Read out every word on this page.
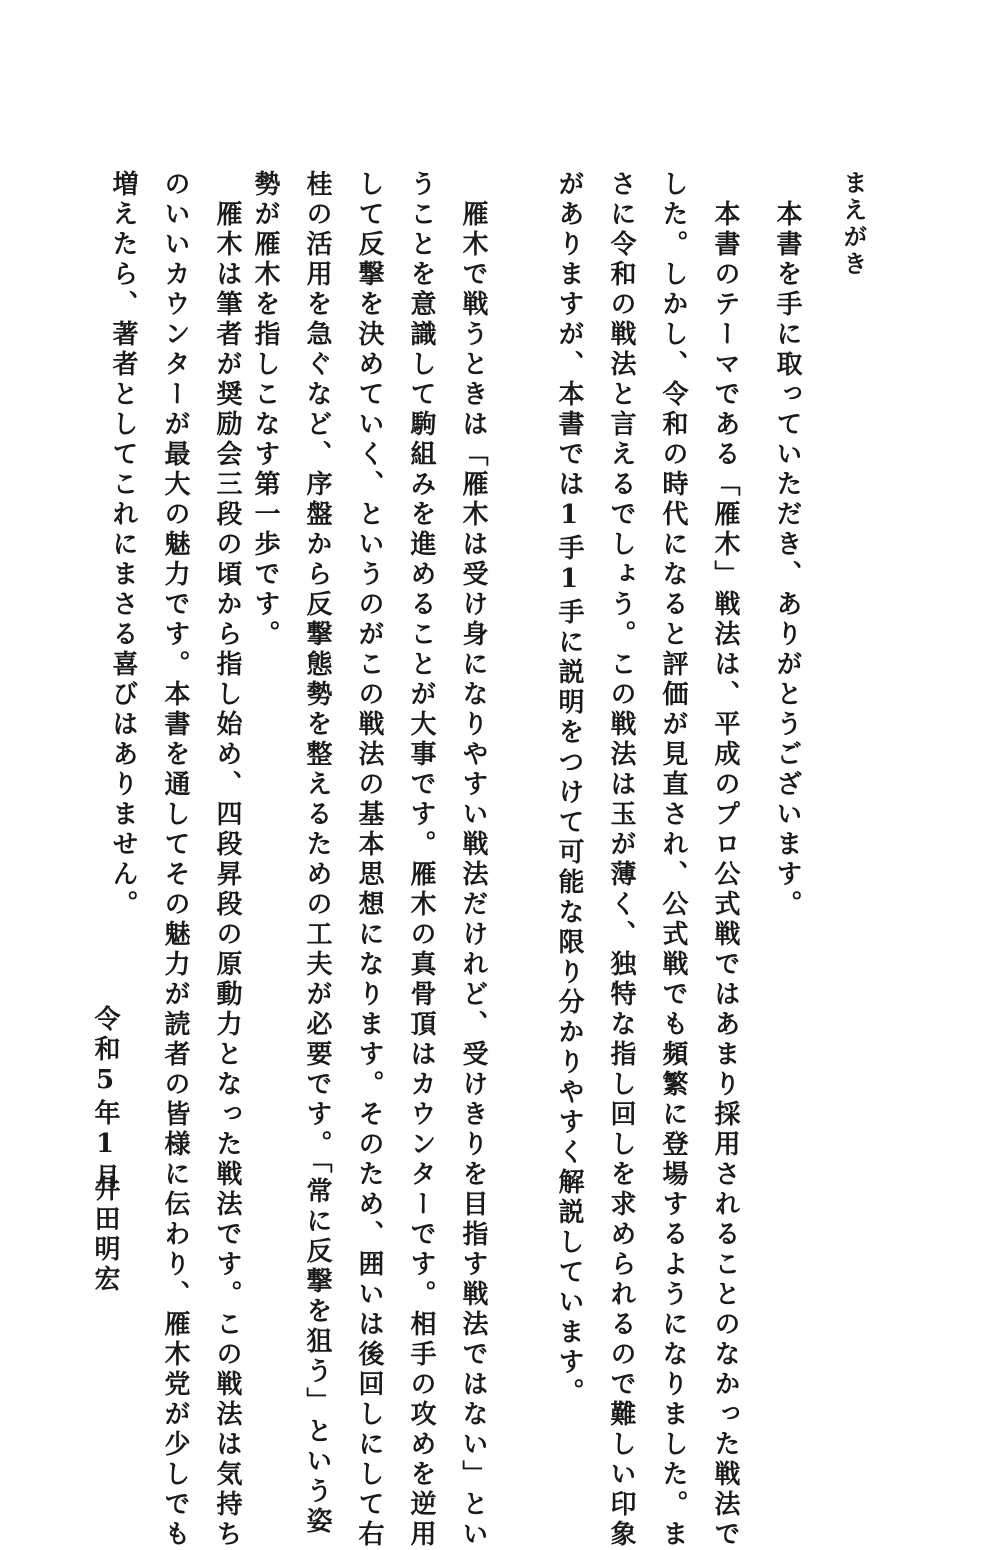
まえがき
本書を手に取っていただき、ありがとうございます。
本書のテーマである「雁木」戦法は、平成のプロ公式戦ではあまり採用されることのなかった戦法で
した。しかし、令和の時代になると評価が見直され、公式戦でも頻繁に登場するようになりました。ま
さに令和の戦法と言えるでしょう。この戦法は玉が薄く、独特な指し回しを求められるので難しい印象
がありますが、本書では1手1手に説明をつけて可能な限り分かりやすく解説しています。
雁木で戦うときは「雁木は受け身になりやすい戦法だけれど、受けきりを目指す戦法ではない」とい
うことを意識して駒組みを進めることが大事です。雁木の真骨頂はカウンターです。相手の攻めを逆用
して反撃を決めていく、というのがこの戦法の基本思想になります。そのため、囲いは後回しにして右
桂の活用を急ぐなど、序盤から反撃態勢を整えるための工夫が必要です。「常に反撃を狙う」という姿
勢が雁木を指しこなす第一歩です。
雁木は筆者が奨励会三段の頃から指し始め、四段昇段の原動力となった戦法です。この戦法は気持ち
のいいカウンターが最大の魅力です。本書を通してその魅力が読者の皆様に伝わり、雁木党が少しでも
増えたら、著者としてこれにまさる喜びはありません。
令和5年1月
井田明宏
